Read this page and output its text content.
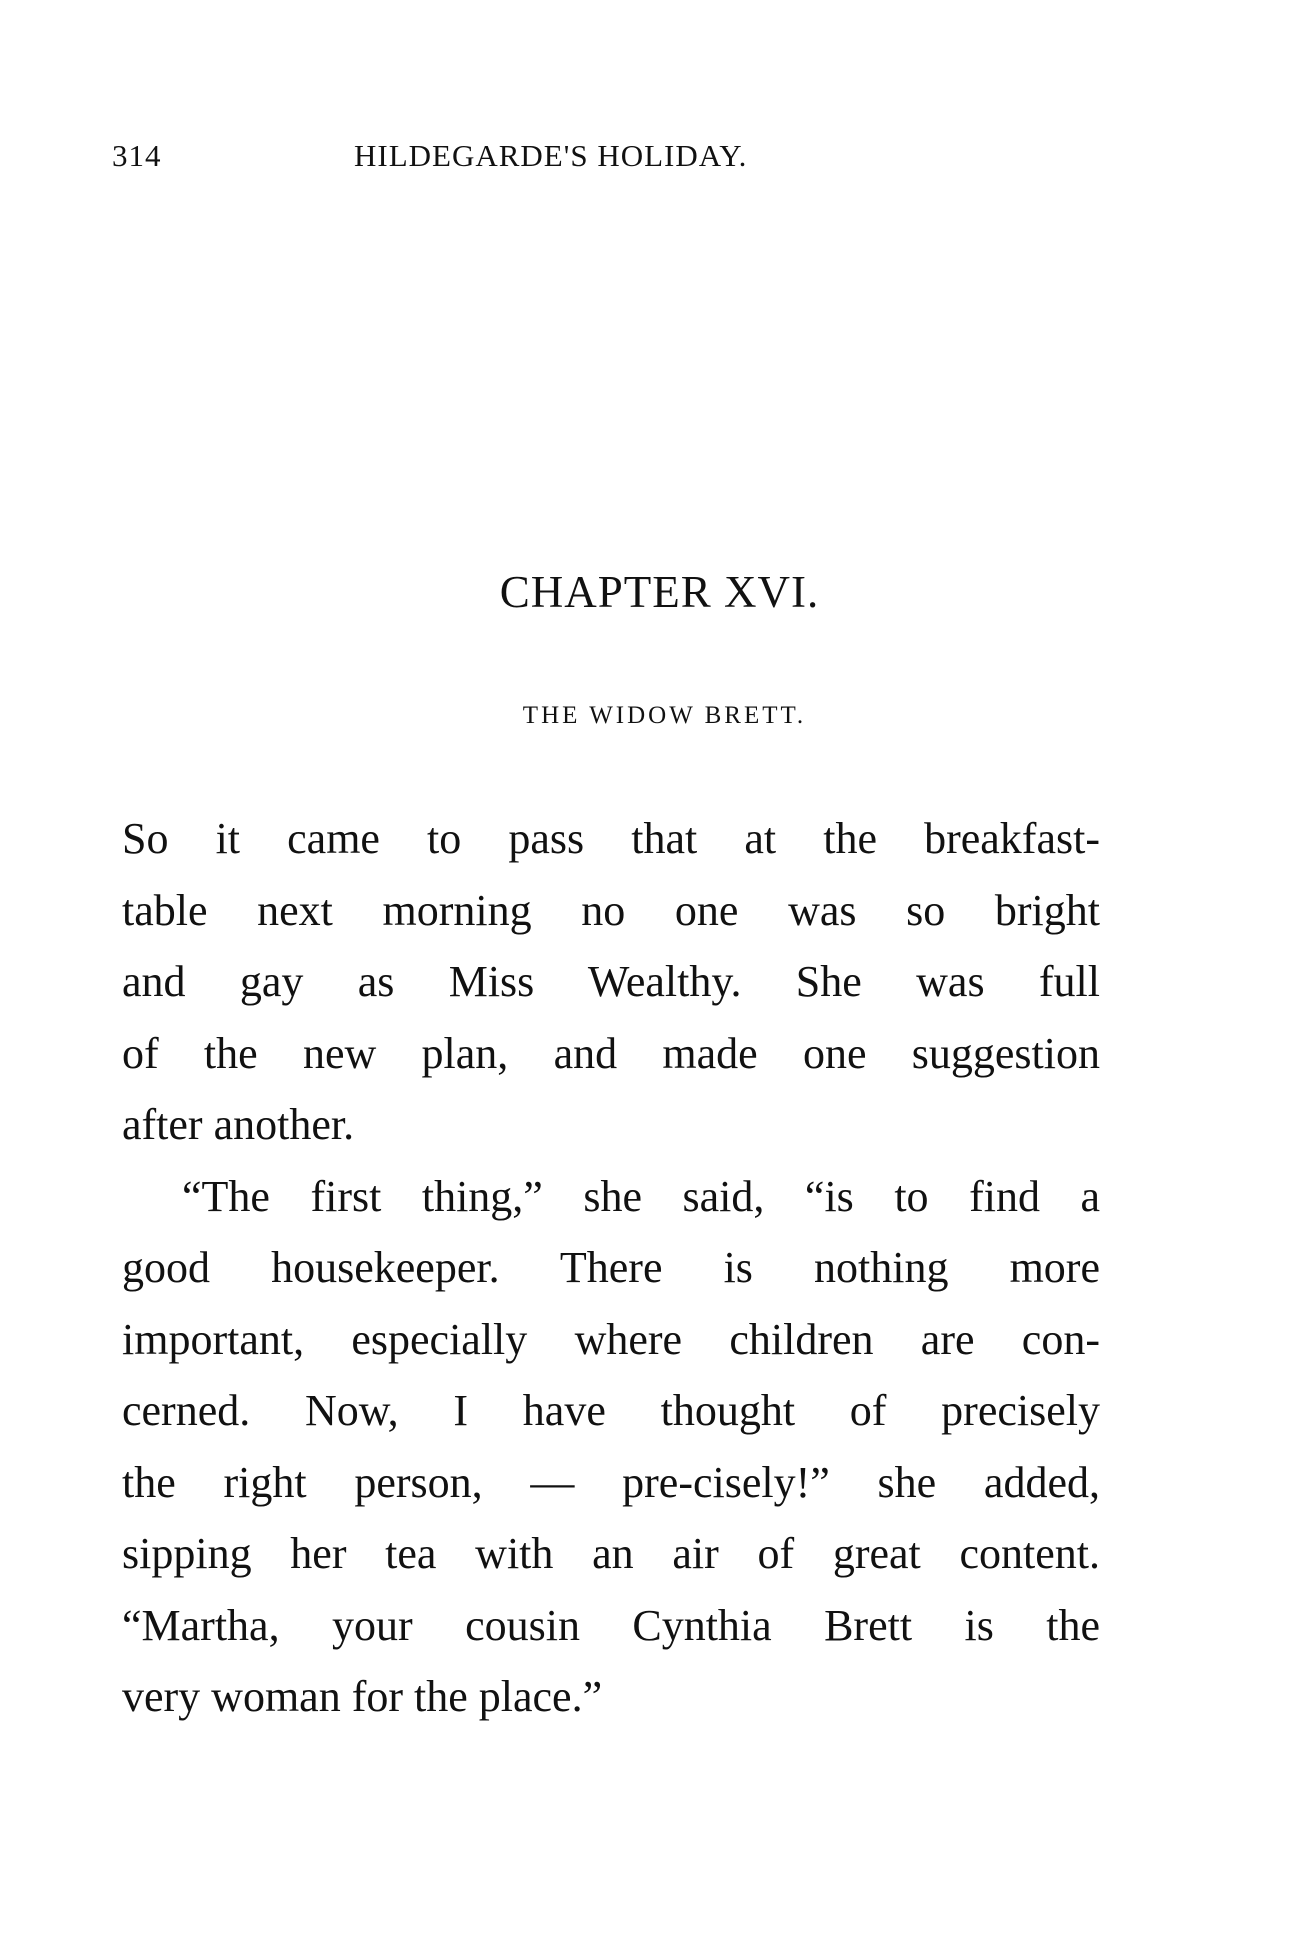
314	HILDEGARDE'S HOLIDAY.
CHAPTER XVI.
THE WIDOW BRETT.
So it came to pass that at the breakfast-
table next morning no one was so bright
and gay as Miss Wealthy. She was full
of the new plan, and made one suggestion
after another.
“The first thing,” she said, “is to find a
good housekeeper. There is nothing more
important, especially where children are con-
cerned. Now, I have thought of precisely
the right person, — pre-cisely!” she added,
sipping her tea with an air of great content.
“Martha, your cousin Cynthia Brett is the
very woman for the place.”
